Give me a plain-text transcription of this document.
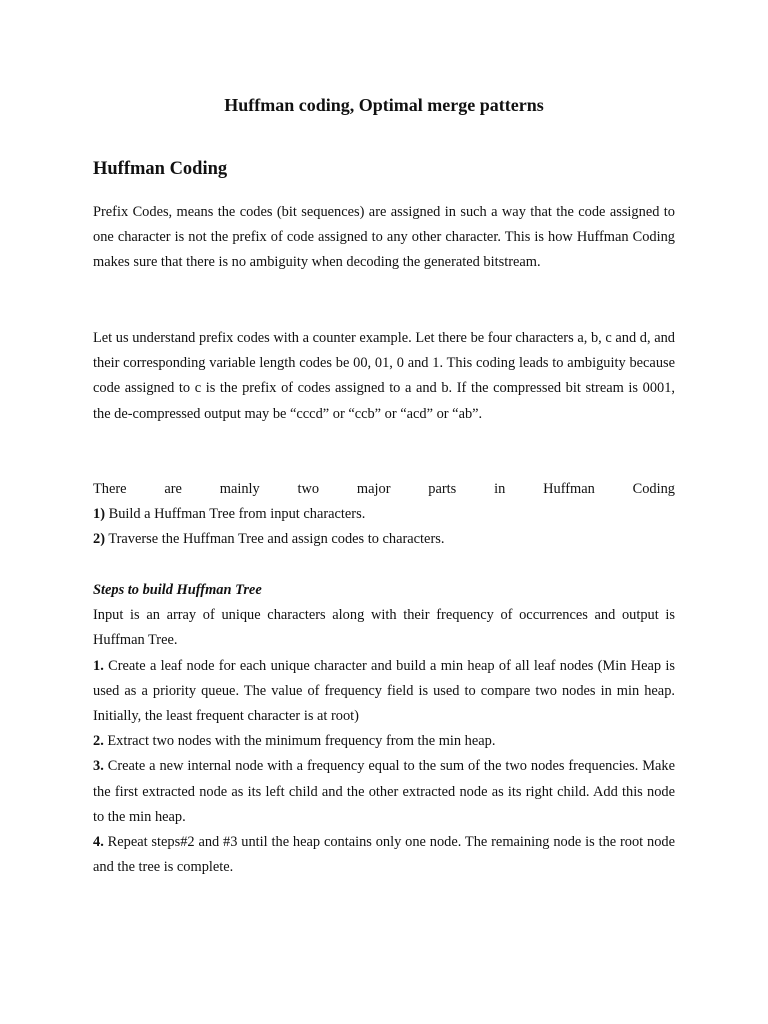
Huffman coding, Optimal merge patterns
Huffman Coding

Prefix Codes, means the codes (bit sequences) are assigned in such a way that the code assigned to one character is not the prefix of code assigned to any other character. This is how Huffman Coding makes sure that there is no ambiguity when decoding the generated bitstream.

Let us understand prefix codes with a counter example. Let there be four characters a, b, c and d, and their corresponding variable length codes be 00, 01, 0 and 1. This coding leads to ambiguity because code assigned to c is the prefix of codes assigned to a and b. If the compressed bit stream is 0001, the de-compressed output may be “cccd” or “ccb” or “acd” or “ab”.

There are mainly two major parts in Huffman Coding
1) Build a Huffman Tree from input characters.
2) Traverse the Huffman Tree and assign codes to characters.
Steps to build Huffman Tree
Input is an array of unique characters along with their frequency of occurrences and output is Huffman Tree.
1. Create a leaf node for each unique character and build a min heap of all leaf nodes (Min Heap is used as a priority queue. The value of frequency field is used to compare two nodes in min heap. Initially, the least frequent character is at root)
2. Extract two nodes with the minimum frequency from the min heap.
3. Create a new internal node with a frequency equal to the sum of the two nodes frequencies. Make the first extracted node as its left child and the other extracted node as its right child. Add this node to the min heap.
4. Repeat steps#2 and #3 until the heap contains only one node. The remaining node is the root node and the tree is complete.
